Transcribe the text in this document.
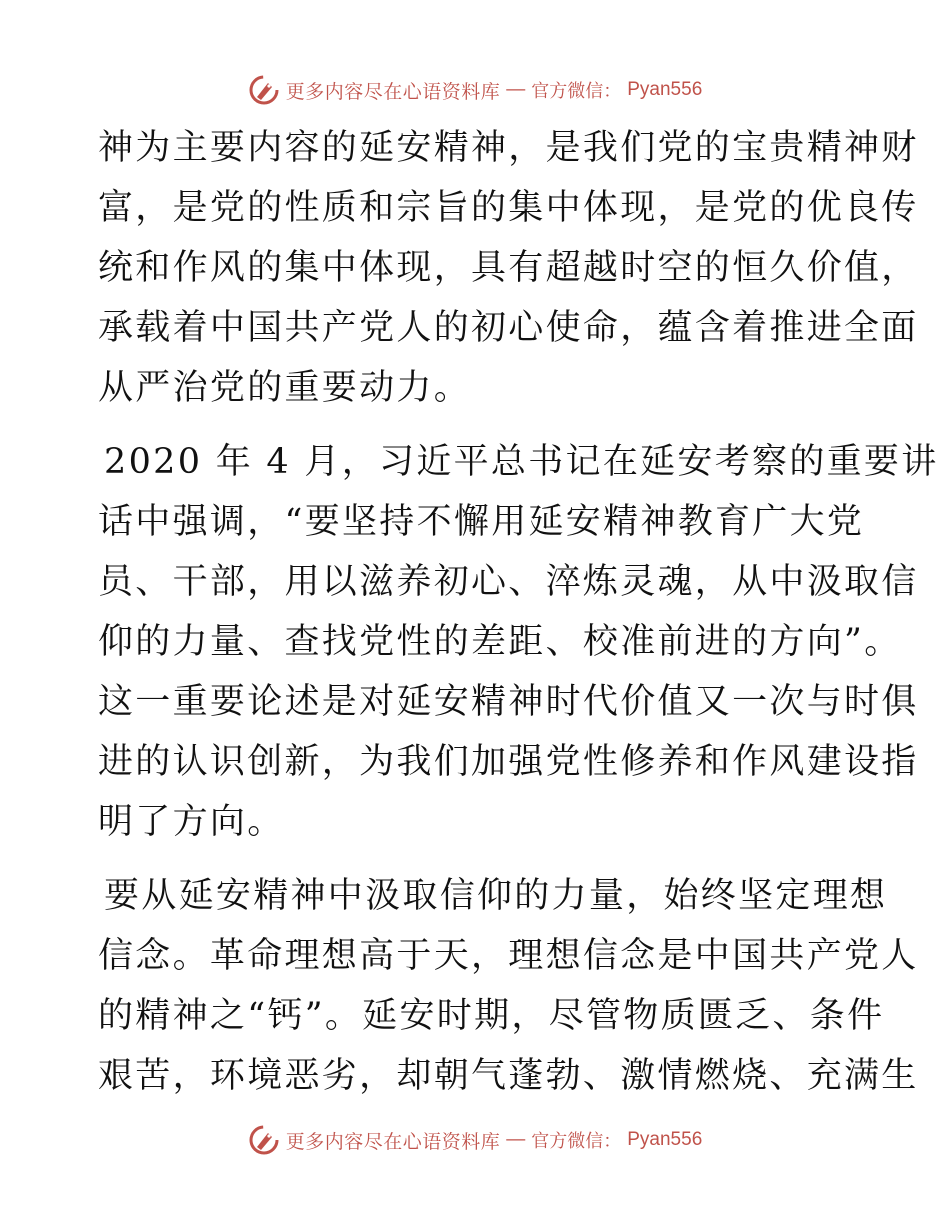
更多内容尽在心语资料库 — 官方微信： Pyan556

神为主要内容的延安精神，是我们党的宝贵精神财
富，是党的性质和宗旨的集中体现，是党的优良传
统和作风的集中体现，具有超越时空的恒久价值，
承载着中国共产党人的初心使命，蕴含着推进全面
从严治党的重要动力。

2020 年 4 月，习近平总书记在延安考察的重要讲
话中强调，“要坚持不懈用延安精神教育广大党
员、干部，用以滋养初心、淬炼灵魂，从中汲取信
仰的力量、查找党性的差距、校准前进的方向”。
这一重要论述是对延安精神时代价值又一次与时俱
进的认识创新，为我们加强党性修养和作风建设指
明了方向。

要从延安精神中汲取信仰的力量，始终坚定理想
信念。革命理想高于天，理想信念是中国共产党人
的精神之“钙”。延安时期，尽管物质匮乏、条件
艰苦，环境恶劣，却朝气蓬勃、激情燃烧、充满生

更多内容尽在心语资料库 — 官方微信： Pyan556
